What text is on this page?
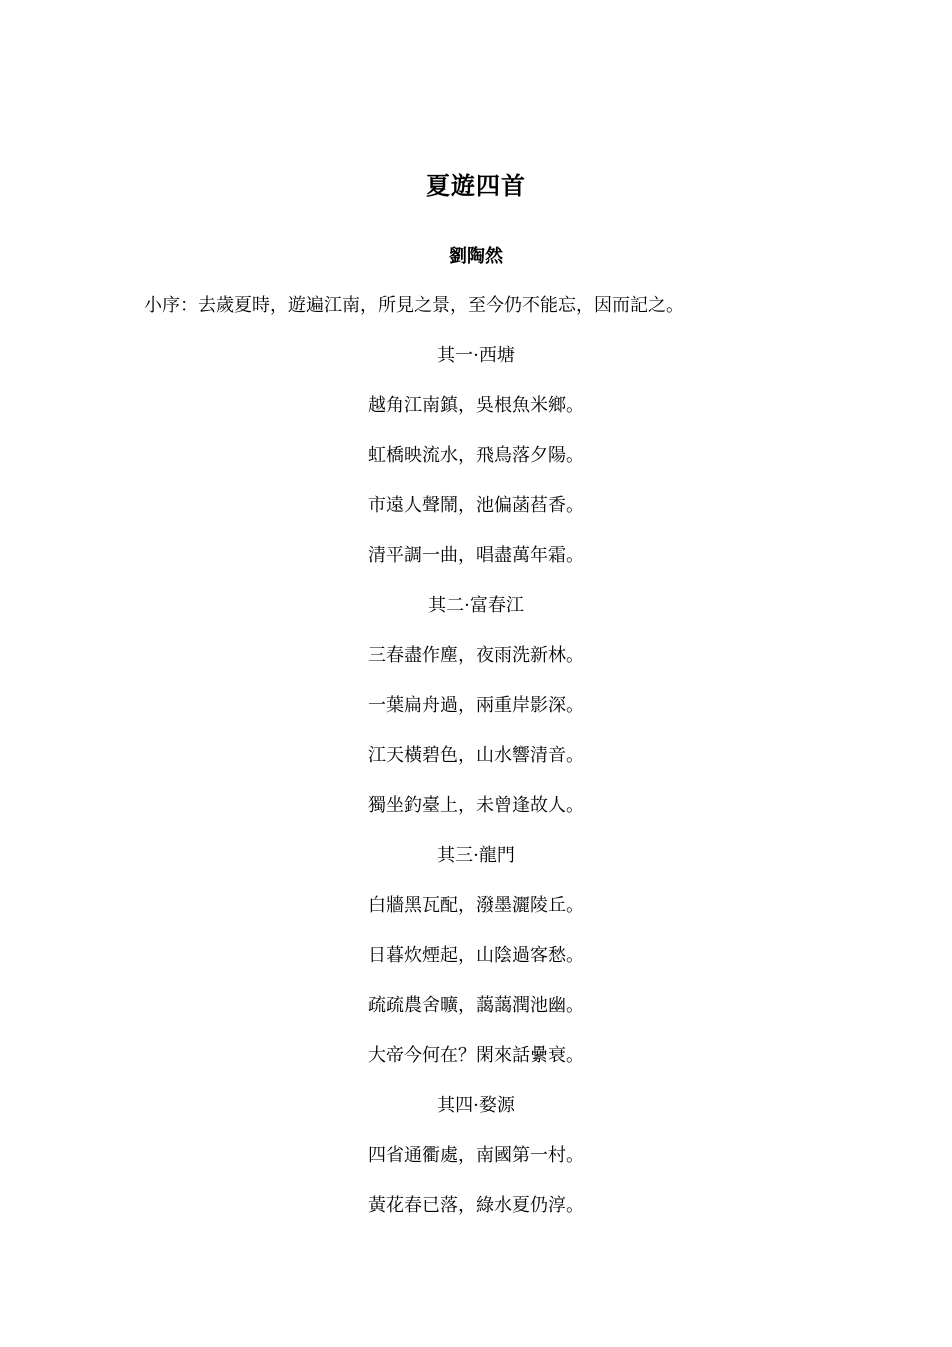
夏遊四首
劉陶然
小序：去歲夏時，遊遍江南，所見之景，至今仍不能忘，因而記之。
其一·西塘
越角江南鎮，吳根魚米鄉。
虹橋映流水，飛鳥落夕陽。
市遠人聲鬧，池偏菡萏香。
清平調一曲，唱盡萬年霜。
其二·富春江
三春盡作塵，夜雨洗新林。
一葉扁舟過，兩重岸影深。
江天橫碧色，山水響清音。
獨坐釣臺上，未曾逢故人。
其三·龍門
白牆黑瓦配，潑墨灑陵丘。
日暮炊煙起，山陰過客愁。
疏疏農舍曠，藹藹潤池幽。
大帝今何在？閑來話纍衰。
其四·婺源
四省通衢處，南國第一村。
黃花春已落，綠水夏仍淳。
